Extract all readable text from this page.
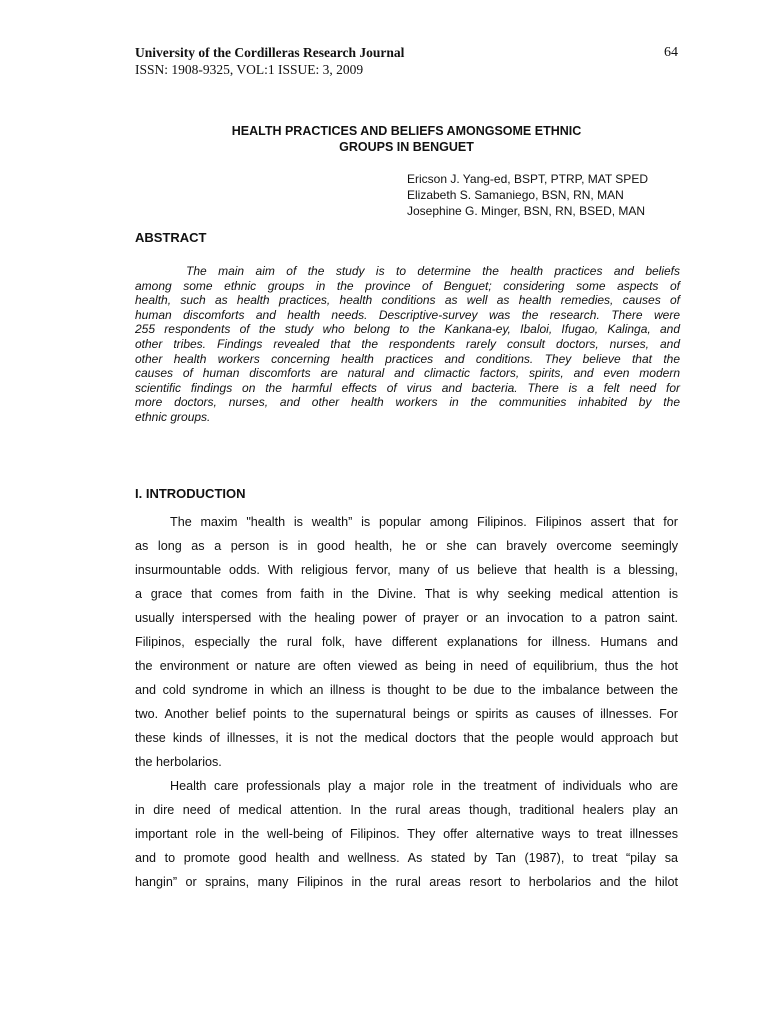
University of the Cordilleras Research Journal
ISSN: 1908-9325, VOL:1 ISSUE: 3, 2009
64
HEALTH PRACTICES AND BELIEFS AMONGSOME ETHNIC
GROUPS IN BENGUET
Ericson J. Yang-ed, BSPT, PTRP, MAT SPED
Elizabeth S. Samaniego, BSN, RN, MAN
Josephine G. Minger, BSN, RN, BSED, MAN
ABSTRACT
The main aim of the study is to determine the health practices and beliefs
among some ethnic groups in the province of Benguet; considering some aspects of
health, such as health practices, health conditions as well as health remedies, causes of
human discomforts and health needs. Descriptive-survey was the research. There were
255 respondents of the study who belong to the Kankana-ey, Ibaloi, Ifugao, Kalinga, and
other tribes. Findings revealed that the respondents rarely consult doctors, nurses, and
other health workers concerning health practices and conditions. They believe that the
causes of human discomforts are natural and climactic factors, spirits, and even modern
scientific findings on the harmful effects of virus and bacteria. There is a felt need for
more doctors, nurses, and other health workers in the communities inhabited by the
ethnic groups.
I. INTRODUCTION
The maxim "health is wealth” is popular among Filipinos. Filipinos assert that for
as long as a person is in good health, he or she can bravely overcome seemingly
insurmountable odds. With religious fervor, many of us believe that health is a blessing,
a grace that comes from faith in the Divine. That is why seeking medical attention is
usually interspersed with the healing power of prayer or an invocation to a patron saint.
Filipinos, especially the rural folk, have different explanations for illness. Humans and
the environment or nature are often viewed as being in need of equilibrium, thus the hot
and cold syndrome in which an illness is thought to be due to the imbalance between the
two. Another belief points to the supernatural beings or spirits as causes of illnesses. For
these kinds of illnesses, it is not the medical doctors that the people would approach but
the herbolarios.
Health care professionals play a major role in the treatment of individuals who are
in dire need of medical attention. In the rural areas though, traditional healers play an
important role in the well-being of Filipinos. They offer alternative ways to treat illnesses
and to promote good health and wellness. As stated by Tan (1987), to treat “pilay sa
hangin” or sprains, many Filipinos in the rural areas resort to herbolarios and the hilot
